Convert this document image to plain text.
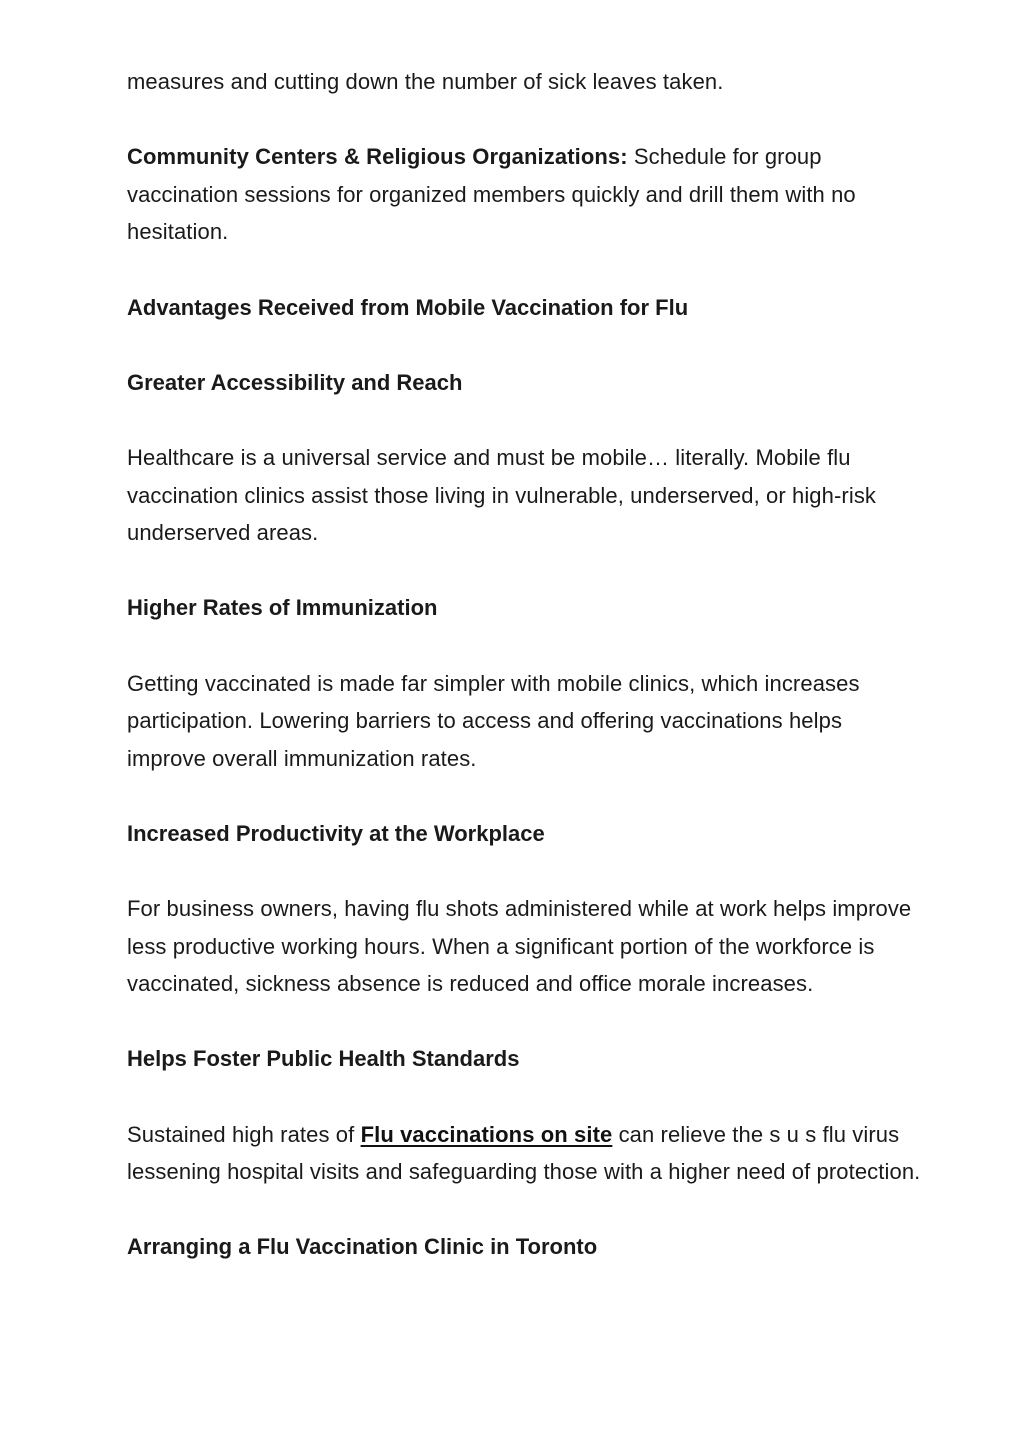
measures and cutting down the number of sick leaves taken.

Community Centers & Religious Organizations: Schedule for group vaccination sessions for organized members quickly and drill them with no hesitation.

Advantages Received from Mobile Vaccination for Flu
Greater Accessibility and Reach

Healthcare is a universal service and must be mobile… literally. Mobile flu vaccination clinics assist those living in vulnerable, underserved, or high-risk underserved areas.

Higher Rates of Immunization

Getting vaccinated is made far simpler with mobile clinics, which increases participation. Lowering barriers to access and offering vaccinations helps improve overall immunization rates.

Increased Productivity at the Workplace

For business owners, having flu shots administered while at work helps improve less productive working hours. When a significant portion of the workforce is vaccinated, sickness absence is reduced and office morale increases.

Helps Foster Public Health Standards

Sustained high rates of Flu vaccinations on site can relieve the s u s flu virus lessening hospital visits and safeguarding those with a higher need of protection.

Arranging a Flu Vaccination Clinic in Toronto
